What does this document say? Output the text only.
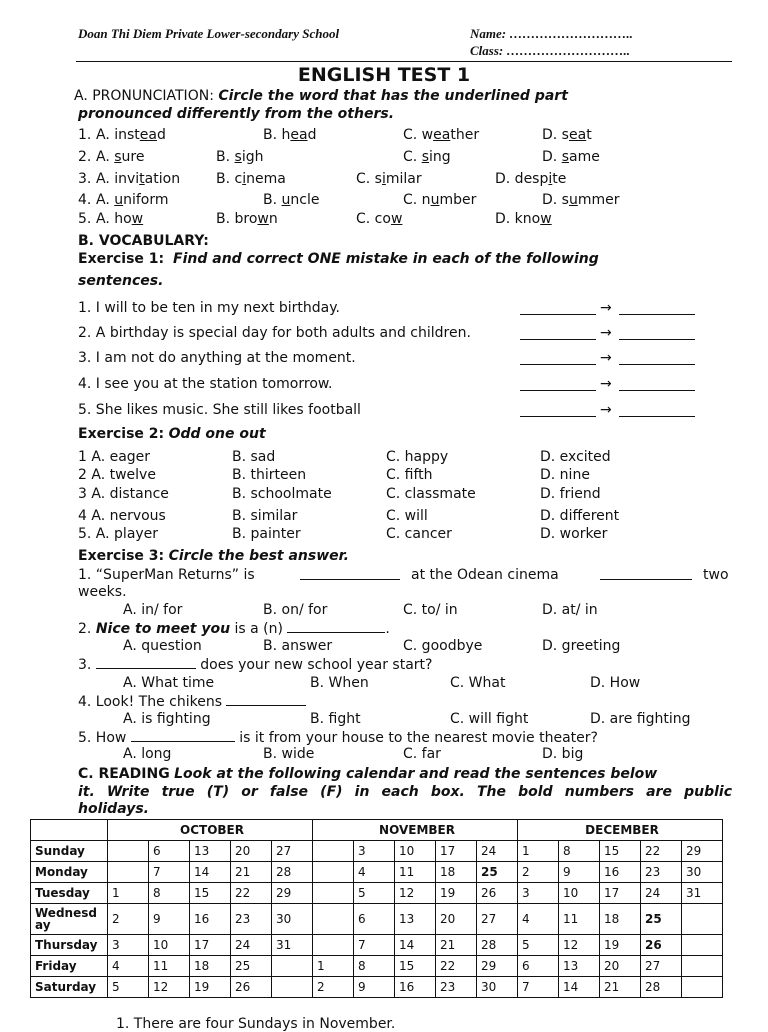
Doan Thi Diem Private Lower-secondary School	Name: ………………………..
Class: ………………………..
ENGLISH TEST 1
A. PRONUNCIATION: Circle the word that has the underlined part
pronounced differently from the others.
1. A. instead	B. head	C. weather	D. seat
2. A. sure	B. sigh	C. sing	D. same
3. A. invitation	B. cinema	C. similar	D. despite
4. A. uniform	B. uncle	C. number	D. summer
5. A. how	B. brown	C. cow	D. know
B. VOCABULARY:
Exercise 1: Find and correct ONE mistake in each of the following
sentences.
1. I will to be ten in my next birthday.	→
2. A birthday is special day for both adults and children.	→
3. I am not do anything at the moment.	→
4. I see you at the station tomorrow.	→
5. She likes music. She still likes football	→
Exercise 2: Odd one out
1 A. eager	B. sad	C. happy	D. excited
2 A. twelve	B. thirteen	C. fifth	D. nine
3 A. distance	B. schoolmate	C. classmate	D. friend
4 A. nervous	B. similar	C. will	D. different
5. A. player	B. painter	C. cancer	D. worker
Exercise 3: Circle the best answer.
1. “SuperMan Returns” is	at the Odean cinema	two
weeks.
A. in/ for	B. on/ for	C. to/ in	D. at/ in
2. Nice to meet you is a (n)	.
A. question	B. answer	C. goodbye	D. greeting
3.	does your new school year start?
A. What time	B. When	C. What	D. How
4. Look! The chikens
A. is fighting	B. fight	C. will fight	D. are fighting
5. How	is it from your house to the nearest movie theater?
A. long	B. wide	C. far	D. big
C. READING Look at the following calendar and read the sentences below
it. Write true (T) or false (F) in each box. The bold numbers are public
holidays.
	OCTOBER					NOVEMBER					DECEMBER				
Sunday		6	13	20	27		3	10	17	24	1	8	15	22	29
Monday		7	14	21	28		4	11	18	25	2	9	16	23	30
Tuesday	1	8	15	22	29		5	12	19	26	3	10	17	24	31
Wednesd ay	2	9	16	23	30		6	13	20	27	4	11	18	25	
Thursday	3	10	17	24	31		7	14	21	28	5	12	19	26	
Friday	4	11	18	25		1	8	15	22	29	6	13	20	27	
Saturday	5	12	19	26		2	9	16	23	30	7	14	21	28	
1. There are four Sundays in November.
